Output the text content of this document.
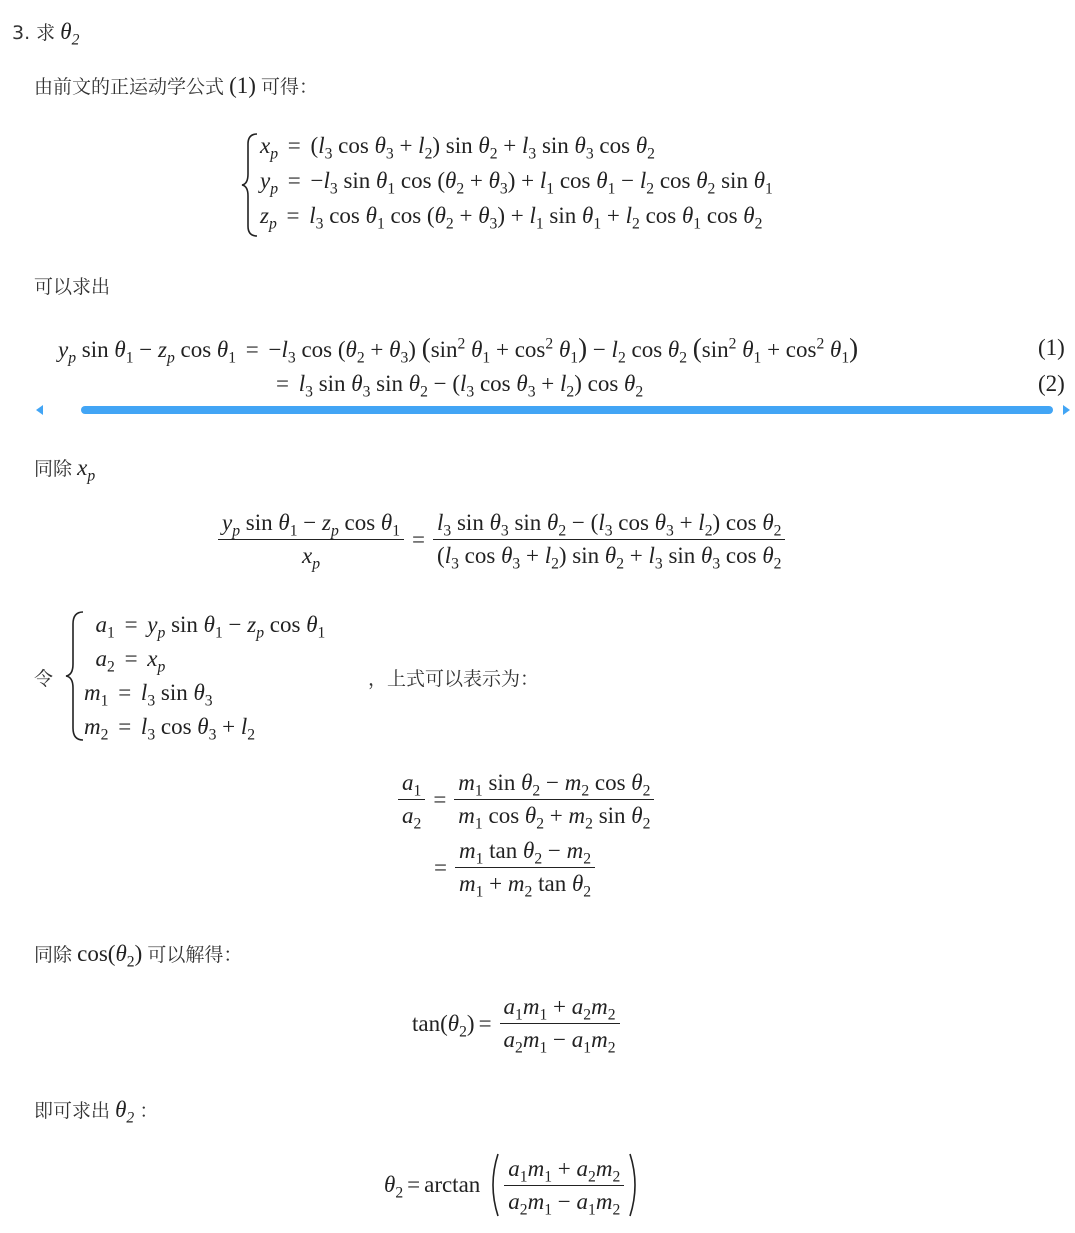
3. 求 $\theta_2$
由前文的正运动学公式 (1) 可得：
$x_p = (l_3$ $\cos \theta_3 + l_2$) $\sin \theta_2 + l_3$ $\sin \theta_3$ $\cos \theta_2$
$y_p = -l_3$ $\sin \theta_1$ $\cos (\theta_2 + \theta_3) + l_1$ $\cos \theta_1 - l_2$ $\cos \theta_2$ $\sin \theta_1$
$z_p = l_3$ $\cos \theta_1$ $\cos (\theta_2 + \theta_3) + l_1$ $\sin \theta_1 + l_2$ $\cos \theta_1$ $\cos \theta_2$
可以求出
$y_p$ $\sin \theta_1 - z_p$ $\cos \theta_1 = -l_3$ $\cos (\theta_2 + \theta_3)$ ($\sin^2$ $\theta_1 + \cos^2 \theta_1) - l_2$ $\cos \theta_2$ ($\sin^2$ $\theta_1 + \cos^2 \theta_1$)	(1)
= $l_3$ $\sin \theta_3$ $\sin \theta_2 - (l_3$ $\cos \theta_3 + l_2$) $\cos \theta_2$	(2)
同除 $x_p$
$\frac{y_p \sin \theta_1 - z_p \cos \theta_1}{x_p} = \frac{l_3 \sin \theta_3 \sin \theta_2 - (l_3 \cos \theta_3 + l_2) \cos \theta_2}{(l_3 \cos \theta_3 + l_2) \sin \theta_2 + l_3 \sin \theta_3 \cos \theta_2}$
令
$a_1 = y_p$ $\sin \theta_1 - z_p$ $\cos \theta_1$
$a_2 = x_p$
$m_1 = l_3$ $\sin \theta_3$
$m_2 = l_3$ $\cos \theta_3 + l_2$
，上式可以表示为：
$\frac{a_1}{a_2} = \frac{m_1 \sin \theta_2 - m_2 \cos \theta_2}{m_1 \cos \theta_2 + m_2 \sin \theta_2}$
= $\frac{m_1 \tan \theta_2 - m_2}{m_1 + m_2 \tan \theta_2}$
同除 $\cos(\theta_2)$ 可以解得：
$\tan(\theta_2) = \frac{a_1m_1 + a_2m_2}{a_2m_1 - a_1m_2}$
即可求出 $\theta_2$ ：
$\theta_2 = \arctan \frac{a_1m_1 + a_2m_2}{a_2m_1 - a_1m_2}$
